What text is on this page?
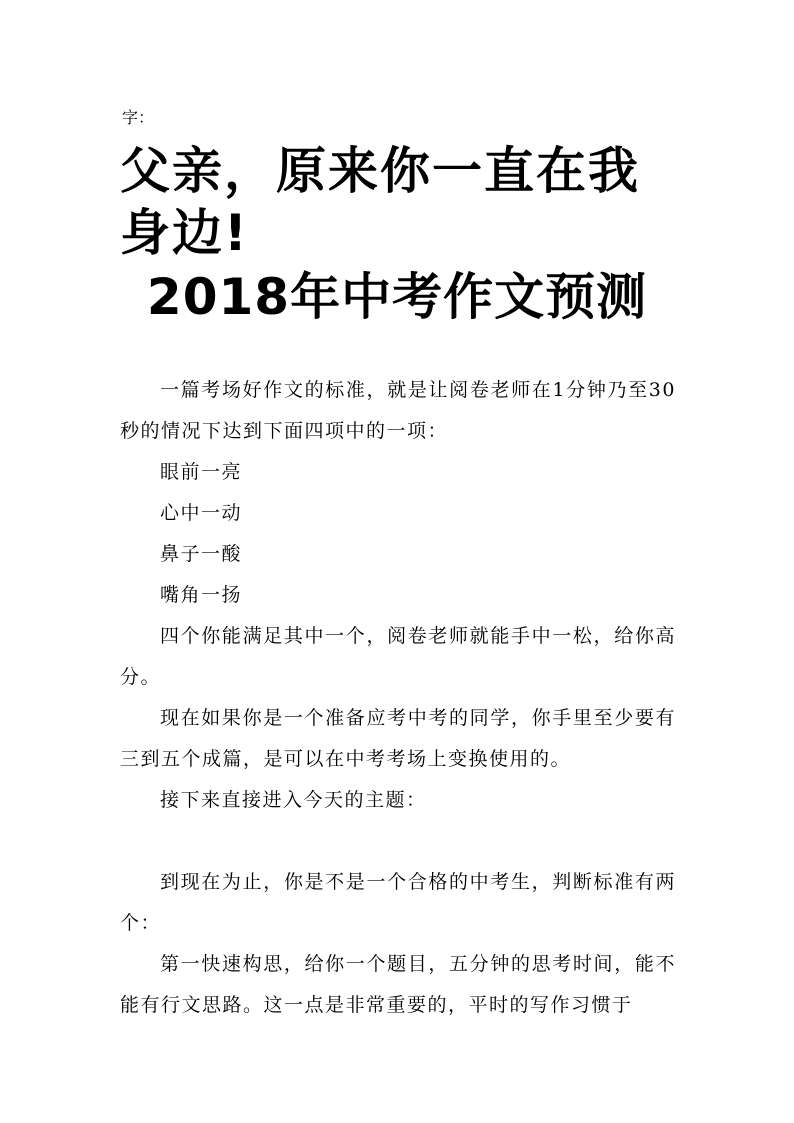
字：
父亲，原来你一直在我身边!
2018年中考作文预测

一篇考场好作文的标准，就是让阅卷老师在1分钟乃至30秒的情况下达到下面四项中的一项：

眼前一亮

心中一动

鼻子一酸

嘴角一扬

四个你能满足其中一个，阅卷老师就能手中一松，给你高分。

现在如果你是一个准备应考中考的同学，你手里至少要有三到五个成篇，是可以在中考考场上变换使用的。

接下来直接进入今天的主题：

到现在为止，你是不是一个合格的中考生，判断标准有两个：

第一快速构思，给你一个题目，五分钟的思考时间，能不能有行文思路。这一点是非常重要的，平时的写作习惯于
